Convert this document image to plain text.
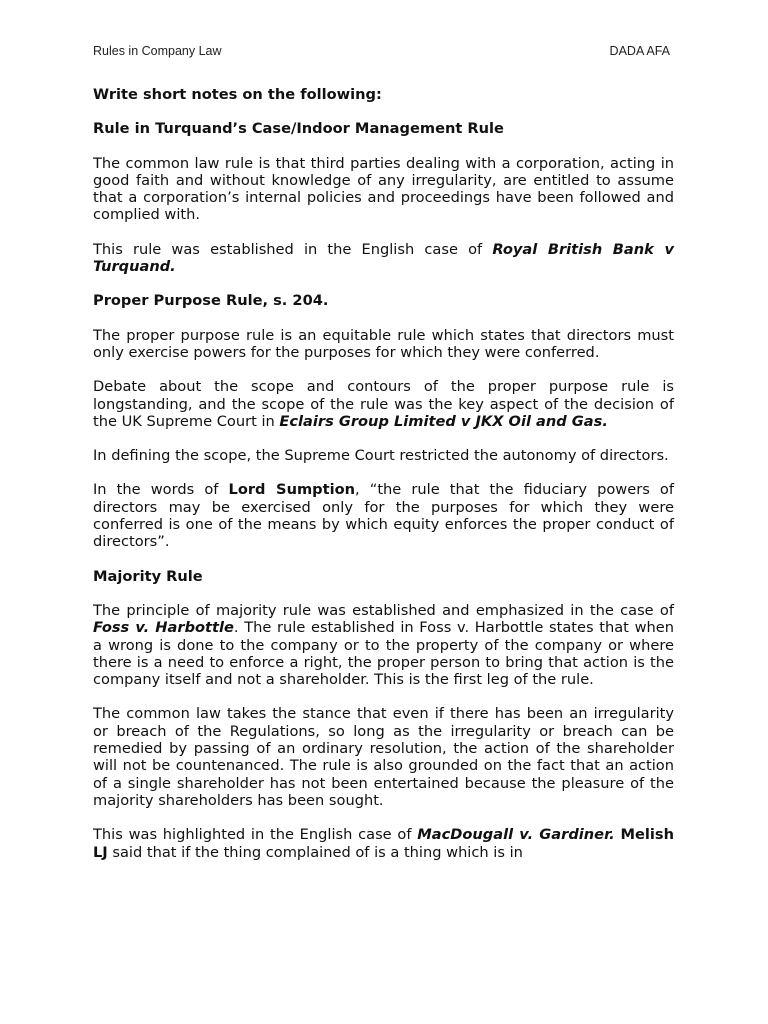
Rules in Company Law	DADA AFA
Write short notes on the following:
Rule in Turquand’s Case/Indoor Management Rule

The common law rule is that third parties dealing with a corporation, acting in good faith and without knowledge of any irregularity, are entitled to assume that a corporation’s internal policies and proceedings have been followed and complied with.

This rule was established in the English case of Royal British Bank v Turquand.

Proper Purpose Rule, s. 204.

The proper purpose rule is an equitable rule which states that directors must only exercise powers for the purposes for which they were conferred.

Debate about the scope and contours of the proper purpose rule is longstanding, and the scope of the rule was the key aspect of the decision of the UK Supreme Court in Eclairs Group Limited v JKX Oil and Gas.

In defining the scope, the Supreme Court restricted the autonomy of directors.

In the words of Lord Sumption, “the rule that the fiduciary powers of directors may be exercised only for the purposes for which they were conferred is one of the means by which equity enforces the proper conduct of directors”.

Majority Rule

The principle of majority rule was established and emphasized in the case of Foss v. Harbottle. The rule established in Foss v. Harbottle states that when a wrong is done to the company or to the property of the company or where there is a need to enforce a right, the proper person to bring that action is the company itself and not a shareholder. This is the first leg of the rule.

The common law takes the stance that even if there has been an irregularity or breach of the Regulations, so long as the irregularity or breach can be remedied by passing of an ordinary resolution, the action of the shareholder will not be countenanced. The rule is also grounded on the fact that an action of a single shareholder has not been entertained because the pleasure of the majority shareholders has been sought.

This was highlighted in the English case of MacDougall v. Gardiner. Melish LJ said that if the thing complained of is a thing which is in
